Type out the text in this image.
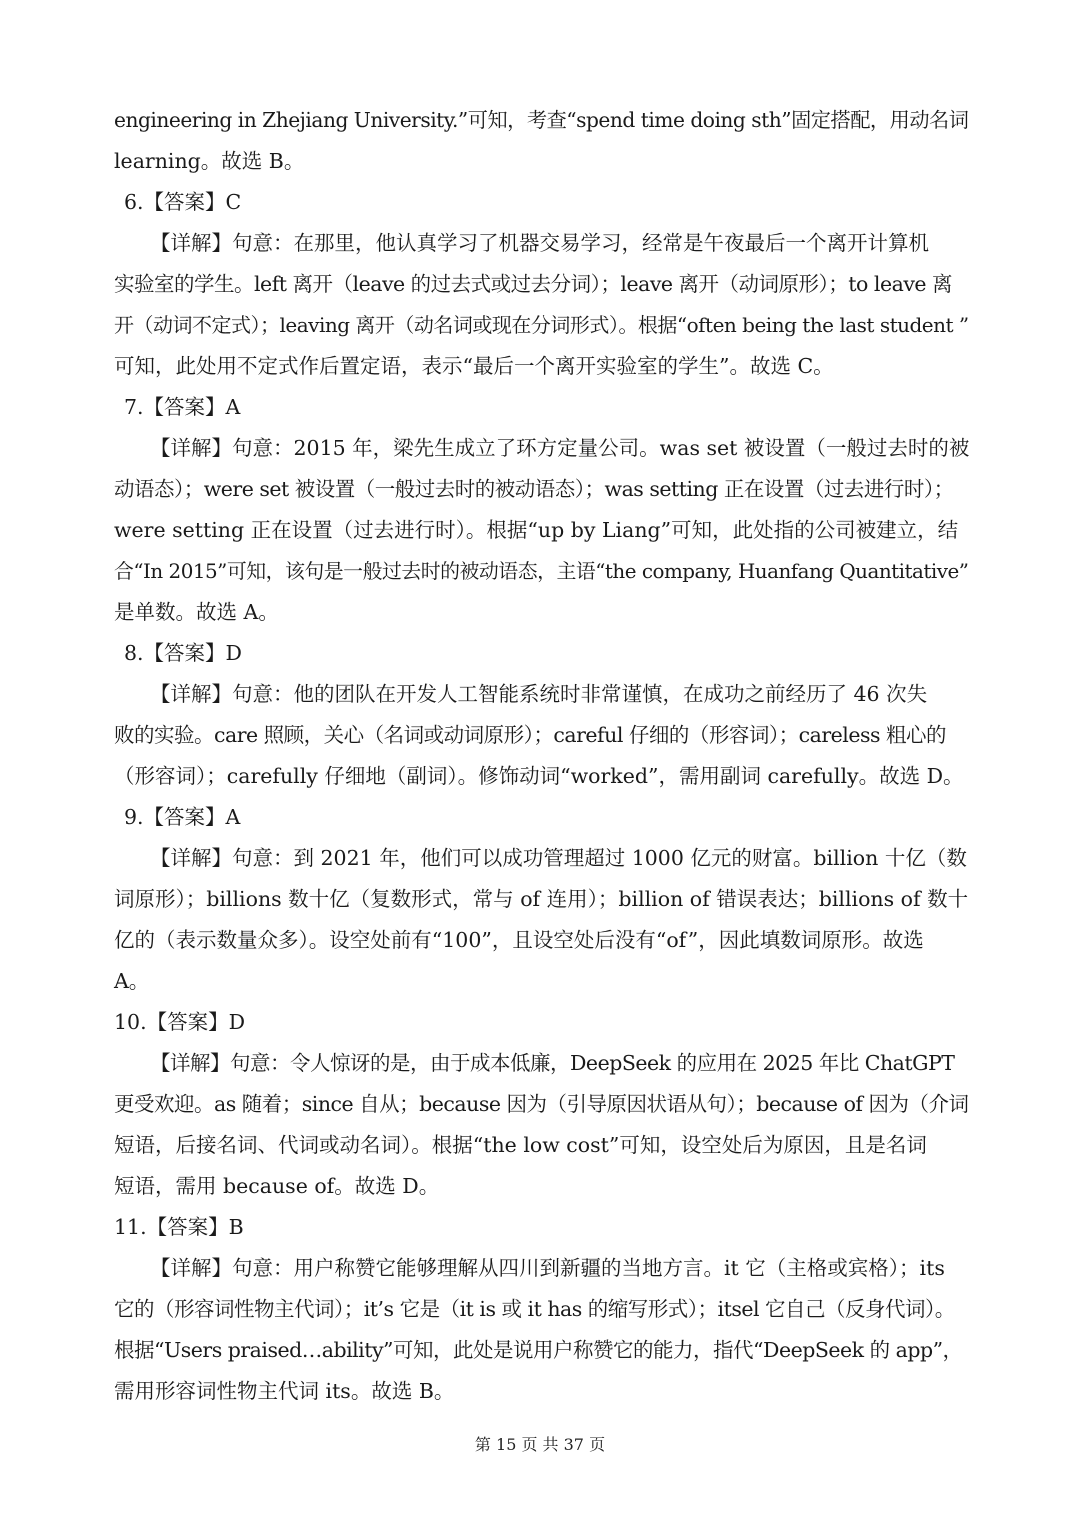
engineering in Zhejiang University.”可知，考查“spend time doing sth”固定搭配，用动名词
learning。故选 B。
6.【答案】C
【详解】句意：在那里，他认真学习了机器交易学习，经常是午夜最后一个离开计算机
实验室的学生。left 离开（leave 的过去式或过去分词）；leave 离开（动词原形）；to leave 离
开（动词不定式）；leaving 离开（动名词或现在分词形式）。根据“often being the last student ”
可知，此处用不定式作后置定语，表示“最后一个离开实验室的学生”。故选 C。
7.【答案】A
【详解】句意：2015 年，梁先生成立了环方定量公司。was set 被设置（一般过去时的被
动语态）；were set 被设置（一般过去时的被动语态）；was setting 正在设置（过去进行时）；
were setting 正在设置（过去进行时）。根据“up by Liang”可知，此处指的公司被建立，结
合“In 2015”可知，该句是一般过去时的被动语态，主语“the company, Huanfang Quantitative”
是单数。故选 A。
8.【答案】D
【详解】句意：他的团队在开发人工智能系统时非常谨慎，在成功之前经历了 46 次失
败的实验。care 照顾，关心（名词或动词原形）；careful 仔细的（形容词）；careless 粗心的
（形容词）；carefully 仔细地（副词）。修饰动词“worked”，需用副词 carefully。故选 D。
9.【答案】A
【详解】句意：到 2021 年，他们可以成功管理超过 1000 亿元的财富。billion 十亿（数
词原形）；billions 数十亿（复数形式，常与 of 连用）；billion of 错误表达；billions of 数十
亿的（表示数量众多）。设空处前有“100”，且设空处后没有“of”，因此填数词原形。故选
A。
10.【答案】D
【详解】句意：令人惊讶的是，由于成本低廉，DeepSeek 的应用在 2025 年比 ChatGPT
更受欢迎。as 随着；since 自从；because 因为（引导原因状语从句）；because of 因为（介词
短语，后接名词、代词或动名词）。根据“the low cost”可知，设空处后为原因，且是名词
短语，需用 because of。故选 D。
11.【答案】B
【详解】句意：用户称赞它能够理解从四川到新疆的当地方言。it 它（主格或宾格）；its
它的（形容词性物主代词）；it’s 它是（it is 或 it has 的缩写形式）；itsel 它自己（反身代词）。
根据“Users praised…ability”可知，此处是说用户称赞它的能力，指代“DeepSeek 的 app”，
需用形容词性物主代词 its。故选 B。
第 15 页 共 37 页
